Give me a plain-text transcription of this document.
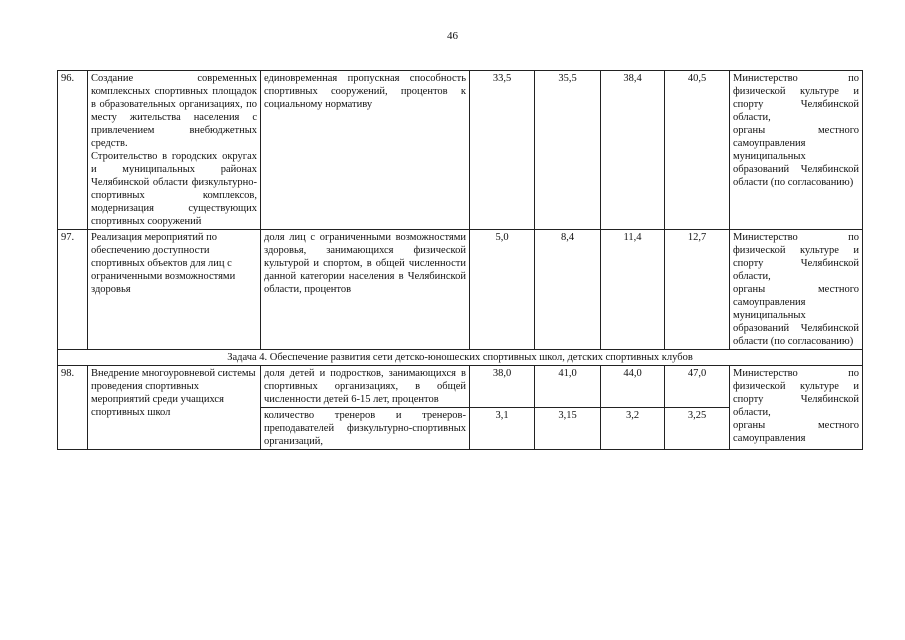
46
96.	Создание современных комплексных спортивных площадок в образовательных организациях, по месту жительства населения с привлечением внебюджетных средств.
Строительство в городских округах и муниципальных районах Челябинской области физкультурно-спортивных комплексов, модернизация существующих спортивных сооружений	единовременная пропускная способность спортивных сооружений, процентов к социальному нормативу	33,5	35,5	38,4	40,5	Министерство по физической культуре и спорту Челябинской области,
органы местного самоуправления муниципальных образований Челябинской области (по согласованию)
97.	Реализация мероприятий по обеспечению доступности спортивных объектов для лиц с ограниченными возможностями здоровья	доля лиц с ограниченными возможностями здоровья, занимающихся физической культурой и спортом, в общей численности данной категории населения в Челябинской области, процентов	5,0	8,4	11,4	12,7	Министерство по физической культуре и спорту Челябинской области,
органы местного самоуправления муниципальных образований Челябинской области (по согласованию)
Задача 4. Обеспечение развития сети детско-юношеских спортивных школ, детских спортивных клубов							
98.	Внедрение многоуровневой системы проведения спортивных мероприятий среди учащихся спортивных школ	доля детей и подростков, занимающихся в спортивных организациях, в общей численности детей 6-15 лет, процентов	38,0	41,0	44,0	47,0	Министерство по физической культуре и спорту Челябинской области,
органы местного самоуправления
		количество тренеров и тренеров-преподавателей физкультурно-спортивных организаций,	3,1	3,15	3,2	3,25	
